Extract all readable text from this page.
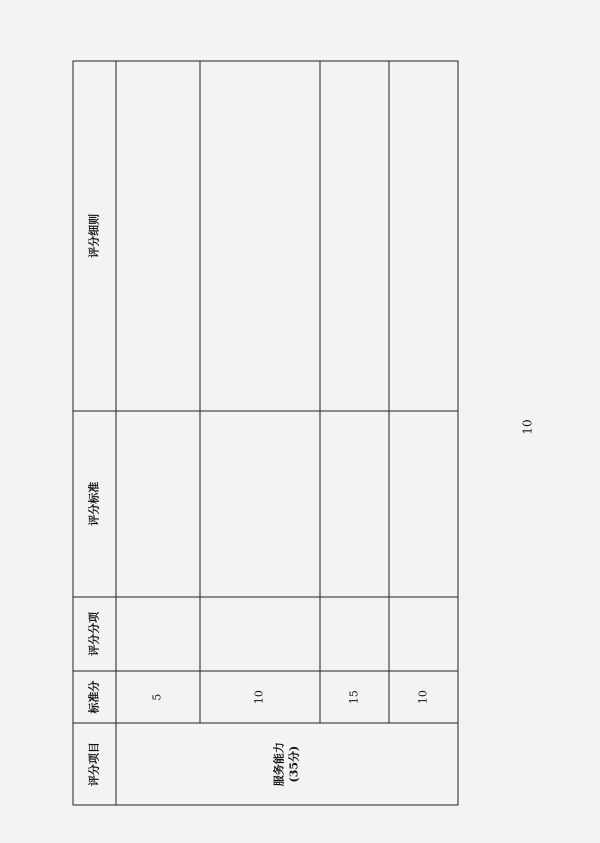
评分项目	标准分	评分分项	评分标准	评分细则

服务能力 (35分)	5			
	10			
	15			
	10			
10
